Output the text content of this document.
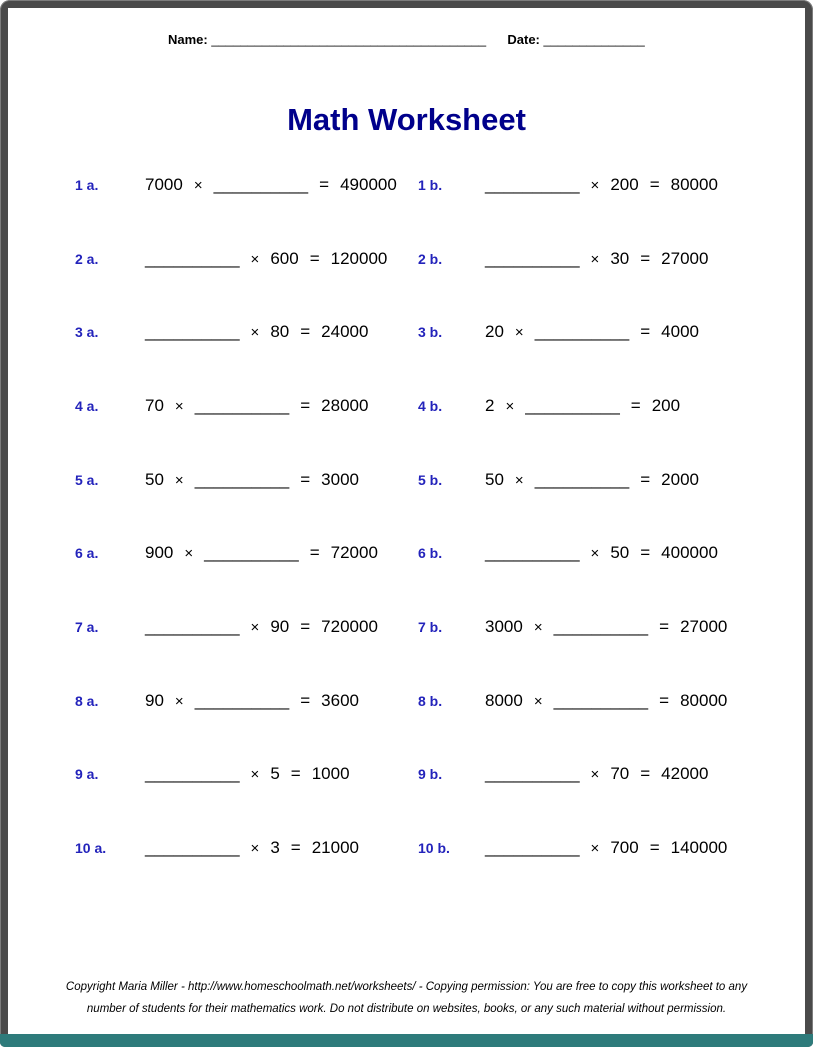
Name: ______________________________________ Date: ______________
Math Worksheet
1 a.	7000 × __________ = 490000 1 b.	__________ × 200 = 80000
2 a.	__________ × 600 = 120000 2 b.	__________ × 30 = 27000
3 a.	__________ × 80 = 24000	3 b.	20 × __________ = 4000
4 a.	70 × __________ = 28000	4 b.	2 × __________ = 200
5 a.	50 × __________ = 3000	5 b.	50 × __________ = 2000
6 a.	900 × __________ = 72000	6 b.	__________ × 50 = 400000
7 a.	__________ × 90 = 720000	7 b.	3000 × __________ = 27000
8 a.	90 × __________ = 3600	8 b.	8000 × __________ = 80000
9 a.	__________ × 5 = 1000	9 b.	__________ × 70 = 42000
10 a.	__________ × 3 = 21000	10 b.	__________ × 700 = 140000
Copyright Maria Miller - http://www.homeschoolmath.net/worksheets/ - Copying permission: You are free to copy this worksheet to any
number of students for their mathematics work. Do not distribute on websites, books, or any such material without permission.
